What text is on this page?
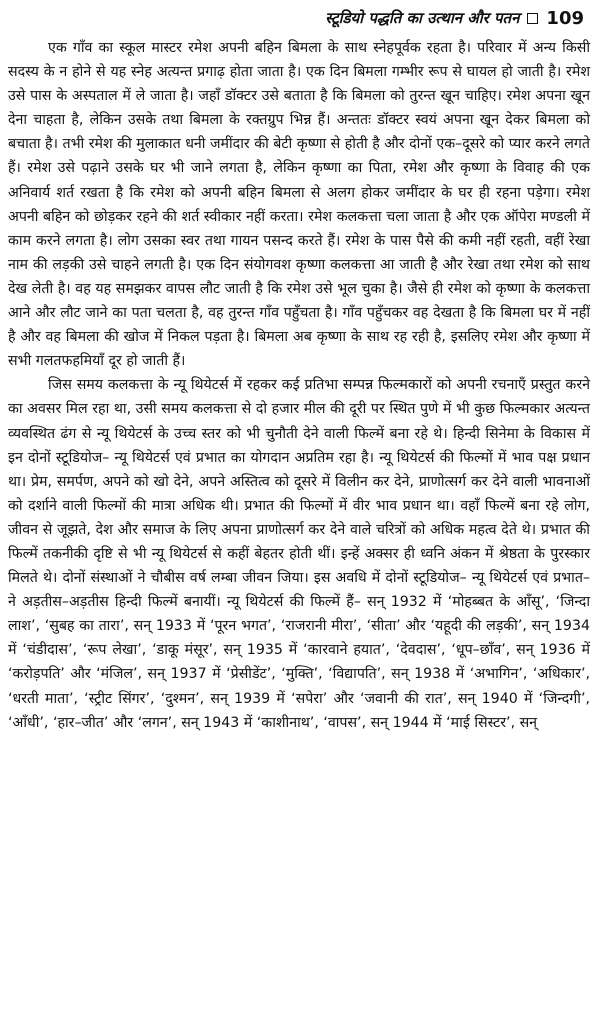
स्टूडियो पद्धति का उत्थान और पतन 109

एक गाँव का स्कूल मास्टर रमेश अपनी बहिन बिमला के साथ स्नेहपूर्वक रहता है। परिवार में अन्य किसी सदस्य के न होने से यह स्नेह अत्यन्त प्रगाढ़ होता जाता है। एक दिन बिमला गम्भीर रूप से घायल हो जाती है। रमेश उसे पास के अस्पताल में ले जाता है। जहाँ डॉक्टर उसे बताता है कि बिमला को तुरन्त खून चाहिए। रमेश अपना खून देना चाहता है, लेकिन उसके तथा बिमला के रक्तग्रुप भिन्न हैं। अन्ततः डॉक्टर स्वयं अपना खून देकर बिमला को बचाता है। तभी रमेश की मुलाकात धनी जमींदार की बेटी कृष्णा से होती है और दोनों एक–दूसरे को प्यार करने लगते हैं। रमेश उसे पढ़ाने उसके घर भी जाने लगता है, लेकिन कृष्णा का पिता, रमेश और कृष्णा के विवाह की एक अनिवार्य शर्त रखता है कि रमेश को अपनी बहिन बिमला से अलग होकर जमींदार के घर ही रहना पड़ेगा। रमेश अपनी बहिन को छोड़कर रहने की शर्त स्वीकार नहीं करता। रमेश कलकत्ता चला जाता है और एक ऑपेरा मण्डली में काम करने लगता है। लोग उसका स्वर तथा गायन पसन्द करते हैं। रमेश के पास पैसे की कमी नहीं रहती, वहीं रेखा नाम की लड़की उसे चाहने लगती है। एक दिन संयोगवश कृष्णा कलकत्ता आ जाती है और रेखा तथा रमेश को साथ देख लेती है। वह यह समझकर वापस लौट जाती है कि रमेश उसे भूल चुका है। जैसे ही रमेश को कृष्णा के कलकत्ता आने और लौट जाने का पता चलता है, वह तुरन्त गाँव पहुँचता है। गाँव पहुँचकर वह देखता है कि बिमला घर में नहीं है और वह बिमला की खोज में निकल पड़ता है। बिमला अब कृष्णा के साथ रह रही है, इसलिए रमेश और कृष्णा में सभी गलतफहमियाँ दूर हो जाती हैं।

जिस समय कलकत्ता के न्यू थियेटर्स में रहकर कई प्रतिभा सम्पन्न फिल्मकारों को अपनी रचनाएँ प्रस्तुत करने का अवसर मिल रहा था, उसी समय कलकत्ता से दो हजार मील की दूरी पर स्थित पुणे में भी कुछ फिल्मकार अत्यन्त व्यवस्थित ढंग से न्यू थियेटर्स के उच्च स्तर को भी चुनौती देने वाली फिल्में बना रहे थे। हिन्दी सिनेमा के विकास में इन दोनों स्टूडियोज– न्यू थियेटर्स एवं प्रभात का योगदान अप्रतिम रहा है। न्यू थियेटर्स की फिल्मों में भाव पक्ष प्रधान था। प्रेम, समर्पण, अपने को खो देने, अपने अस्तित्व को दूसरे में विलीन कर देने, प्राणोत्सर्ग कर देने वाली भावनाओं को दर्शाने वाली फिल्मों की मात्रा अधिक थी। प्रभात की फिल्मों में वीर भाव प्रधान था। वहाँ फिल्में बना रहे लोग, जीवन से जूझते, देश और समाज के लिए अपना प्राणोत्सर्ग कर देने वाले चरित्रों को अधिक महत्व देते थे। प्रभात की फिल्में तकनीकी दृष्टि से भी न्यू थियेटर्स से कहीं बेहतर होती थीं। इन्हें अक्सर ही ध्वनि अंकन में श्रेष्ठता के पुरस्कार मिलते थे। दोनों संस्थाओं ने चौबीस वर्ष लम्बा जीवन जिया। इस अवधि में दोनों स्टूडियोज– न्यू थियेटर्स एवं प्रभात– ने अड़तीस–अड़तीस हिन्दी फिल्में बनायीं। न्यू थियेटर्स की फिल्में हैं– सन् 1932 में ‘मोहब्बत के आँसू’, ‘जिन्दा लाश’, ‘सुबह का तारा’, सन् 1933 में ‘पूरन भगत’, ‘राजरानी मीरा’, ‘सीता’ और ‘यहूदी की लड़की’, सन् 1934 में ‘चंडीदास’, ‘रूप लेखा’, ‘डाकू मंसूर’, सन् 1935 में ‘कारवाने हयात’, ‘देवदास’, ‘धूप–छाँव’, सन् 1936 में ‘करोड़पति’ और ‘मंजिल’, सन् 1937 में ‘प्रेसीडेंट’, ‘मुक्ति’, ‘विद्यापति’, सन् 1938 में ‘अभागिन’, ‘अधिकार’, ‘धरती माता’, ‘स्ट्रीट सिंगर’, ‘दुश्मन’, सन् 1939 में ‘सपेरा’ और ‘जवानी की रात’, सन् 1940 में ‘जिन्दगी’, ‘आँधी’, ‘हार–जीत’ और ‘लगन’, सन् 1943 में ‘काशीनाथ’, ‘वापस’, सन् 1944 में ‘माई सिस्टर’, सन्
